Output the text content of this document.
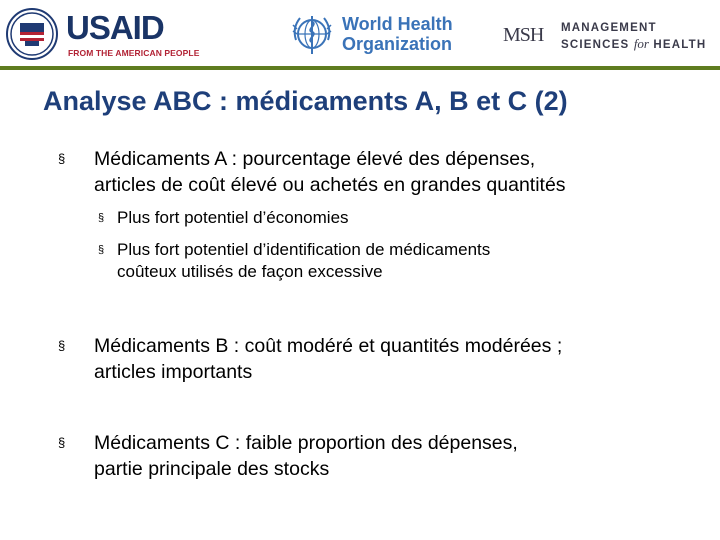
USAID
FROM THE AMERICAN PEOPLE
World Health
Organization	MSH MANAGEMENT
SCIENCES for HEALTH
Analyse ABC : médicaments A, B et C (2)
§ Médicaments A : pourcentage élevé des dépenses,
articles de coût élevé ou achetés en grandes quantités
§ Plus fort potentiel d’économies
§ Plus fort potentiel d’identification de médicaments
coûteux utilisés de façon excessive
§ Médicaments B : coût modéré et quantités modérées ;
articles importants
§ Médicaments C : faible proportion des dépenses,
partie principale des stocks
